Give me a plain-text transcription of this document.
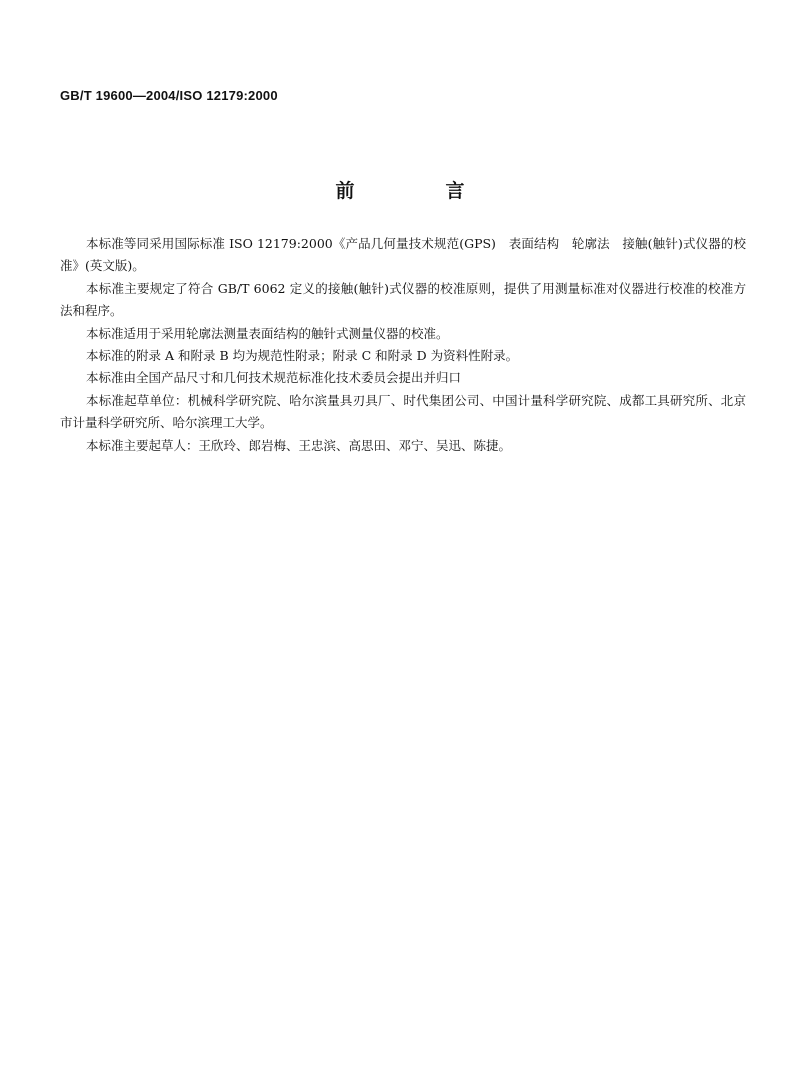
GB/T 19600—2004/ISO 12179:2000
前　言

本标准等同采用国际标准 ISO 12179:2000《产品几何量技术规范(GPS)　表面结构　轮廓法　接触(触针)式仪器的校准》(英文版)。

本标准主要规定了符合 GB/T 6062 定义的接触(触针)式仪器的校准原则，提供了用测量标准对仪器进行校准的校准方法和程序。

本标准适用于采用轮廓法测量表面结构的触针式测量仪器的校准。

本标准的附录 A 和附录 B 均为规范性附录；附录 C 和附录 D 为资料性附录。

本标准由全国产品尺寸和几何技术规范标准化技术委员会提出并归口

本标准起草单位：机械科学研究院、哈尔滨量具刃具厂、时代集团公司、中国计量科学研究院、成都工具研究所、北京市计量科学研究所、哈尔滨理工大学。

本标准主要起草人：王欣玲、郎岩梅、王忠滨、高思田、邓宁、吴迅、陈捷。
